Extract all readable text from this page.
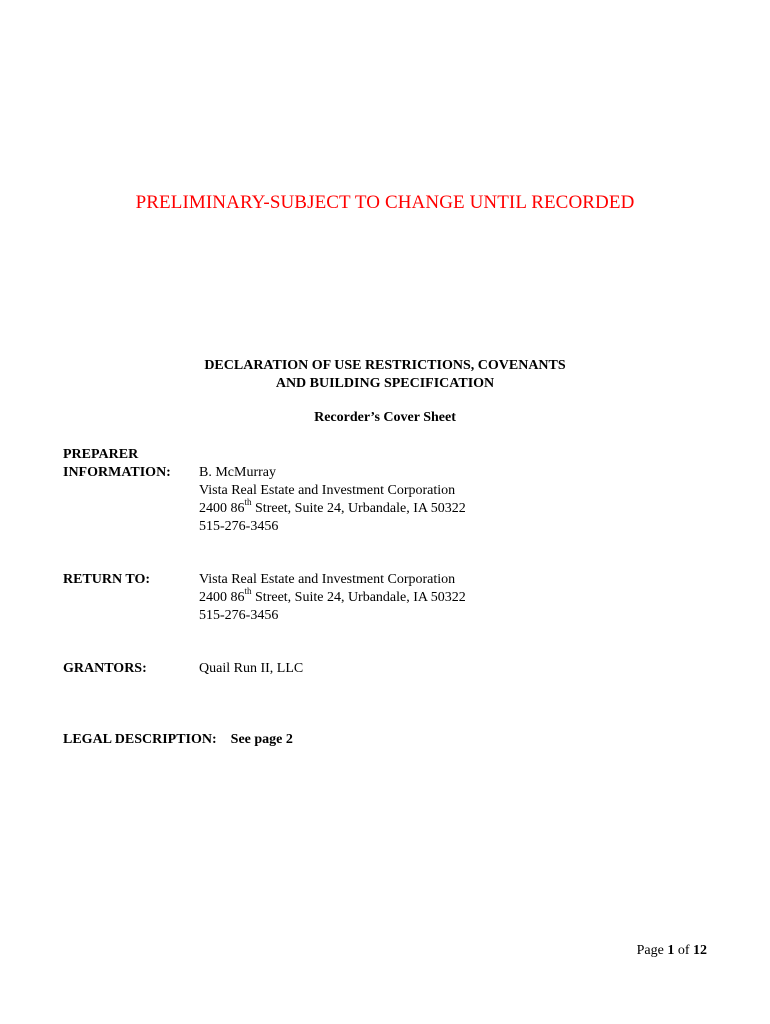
PRELIMINARY-SUBJECT TO CHANGE UNTIL RECORDED
DECLARATION OF USE RESTRICTIONS, COVENANTS
AND BUILDING SPECIFICATION
Recorder’s Cover Sheet
PREPARER
INFORMATION: B. McMurray
Vista Real Estate and Investment Corporation
2400 86th Street, Suite 24, Urbandale, IA 50322
515-276-3456
RETURN TO:	Vista Real Estate and Investment Corporation
2400 86th Street, Suite 24, Urbandale, IA 50322
515-276-3456
GRANTORS:	Quail Run II, LLC
LEGAL DESCRIPTION: See page 2
Page 1 of 12
